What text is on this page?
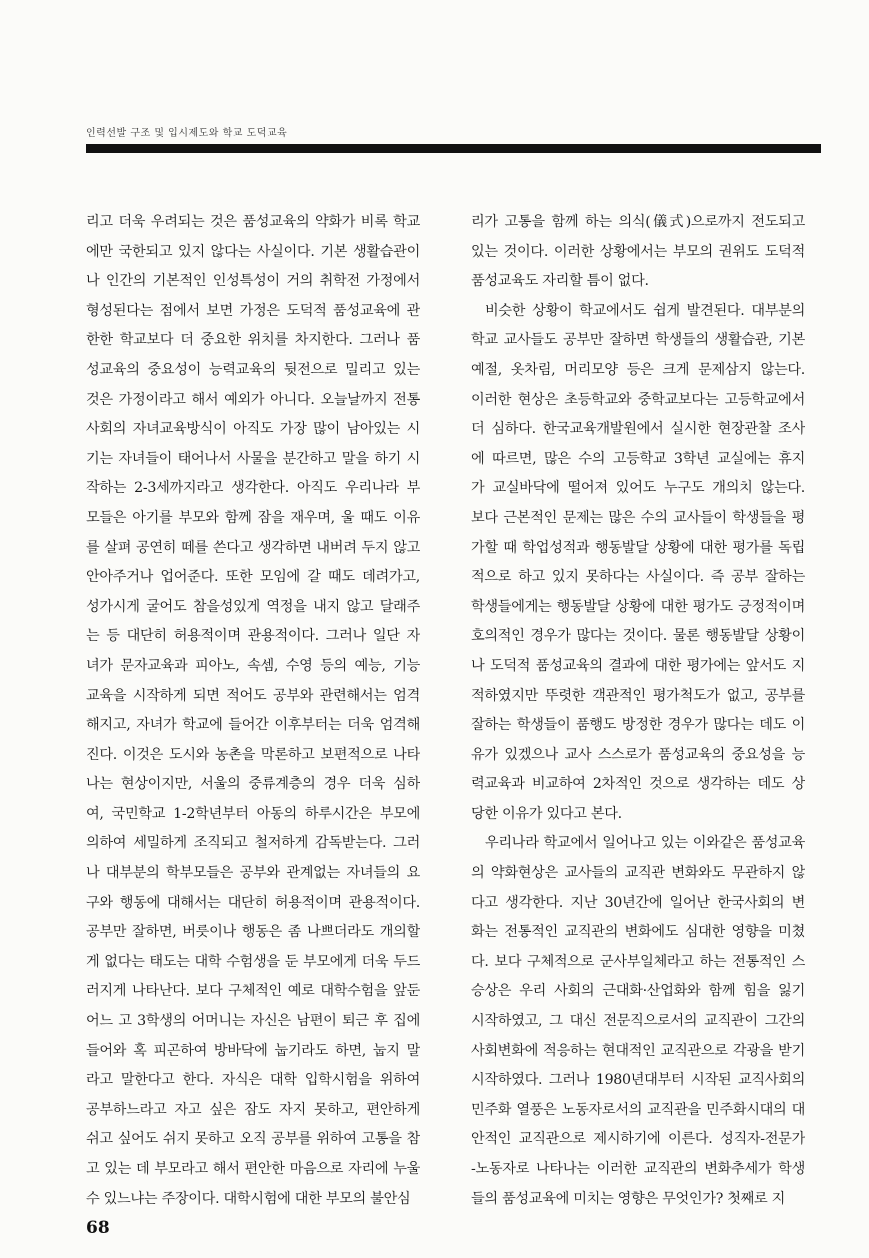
인력선발 구조 및 입시제도와 학교 도덕교육

리고 더욱 우려되는 것은 품성교육의 약화가 비록 학교

에만 국한되고 있지 않다는 사실이다. 기본 생활습관이

나 인간의 기본적인 인성특성이 거의 취학전 가정에서

형성된다는 점에서 보면 가정은 도덕적 품성교육에 관

한한 학교보다 더 중요한 위치를 차지한다. 그러나 품

성교육의 중요성이 능력교육의 뒷전으로 밀리고 있는

것은 가정이라고 해서 예외가 아니다. 오늘날까지 전통

사회의 자녀교육방식이 아직도 가장 많이 남아있는 시

기는 자녀들이 태어나서 사물을 분간하고 말을 하기 시

작하는 2-3세까지라고 생각한다. 아직도 우리나라 부

모들은 아기를 부모와 함께 잠을 재우며, 울 때도 이유

를 살펴 공연히 떼를 쓴다고 생각하면 내버려 두지 않고

안아주거나 업어준다. 또한 모임에 갈 때도 데려가고,

성가시게 굴어도 참을성있게 역정을 내지 않고 달래주

는 등 대단히 허용적이며 관용적이다. 그러나 일단 자

녀가 문자교육과 피아노, 속셈, 수영 등의 예능, 기능

교육을 시작하게 되면 적어도 공부와 관련해서는 엄격

해지고, 자녀가 학교에 들어간 이후부터는 더욱 엄격해

진다. 이것은 도시와 농촌을 막론하고 보편적으로 나타

나는 현상이지만, 서울의 중류계층의 경우 더욱 심하

여, 국민학교 1-2학년부터 아동의 하루시간은 부모에

의하여 세밀하게 조직되고 철저하게 감독받는다. 그러

나 대부분의 학부모들은 공부와 관계없는 자녀들의 요

구와 행동에 대해서는 대단히 허용적이며 관용적이다.

공부만 잘하면, 버릇이나 행동은 좀 나쁘더라도 개의할

게 없다는 태도는 대학 수험생을 둔 부모에게 더욱 두드

러지게 나타난다. 보다 구체적인 예로 대학수험을 앞둔

어느 고 3학생의 어머니는 자신은 남편이 퇴근 후 집에

들어와 혹 피곤하여 방바닥에 눕기라도 하면, 눕지 말

라고 말한다고 한다. 자식은 대학 입학시험을 위하여

공부하느라고 자고 싶은 잠도 자지 못하고, 편안하게

쉬고 싶어도 쉬지 못하고 오직 공부를 위하여 고통을 참

고 있는 데 부모라고 해서 편안한 마음으로 자리에 누울

수 있느냐는 주장이다. 대학시험에 대한 부모의 불안심

리가 고통을 함께 하는 의식(儀式)으로까지 전도되고

있는 것이다. 이러한 상황에서는 부모의 권위도 도덕적

품성교육도 자리할 틈이 없다.

비슷한 상황이 학교에서도 쉽게 발견된다. 대부분의

학교 교사들도 공부만 잘하면 학생들의 생활습관, 기본

예절, 옷차림, 머리모양 등은 크게 문제삼지 않는다.

이러한 현상은 초등학교와 중학교보다는 고등학교에서

더 심하다. 한국교육개발원에서 실시한 현장관찰 조사

에 따르면, 많은 수의 고등학교 3학년 교실에는 휴지

가 교실바닥에 떨어져 있어도 누구도 개의치 않는다.

보다 근본적인 문제는 많은 수의 교사들이 학생들을 평

가할 때 학업성적과 행동발달 상황에 대한 평가를 독립

적으로 하고 있지 못하다는 사실이다. 즉 공부 잘하는

학생들에게는 행동발달 상황에 대한 평가도 긍정적이며

호의적인 경우가 많다는 것이다. 물론 행동발달 상황이

나 도덕적 품성교육의 결과에 대한 평가에는 앞서도 지

적하였지만 뚜렷한 객관적인 평가척도가 없고, 공부를

잘하는 학생들이 품행도 방정한 경우가 많다는 데도 이

유가 있겠으나 교사 스스로가 품성교육의 중요성을 능

력교육과 비교하여 2차적인 것으로 생각하는 데도 상

당한 이유가 있다고 본다.

우리나라 학교에서 일어나고 있는 이와같은 품성교육

의 약화현상은 교사들의 교직관 변화와도 무관하지 않

다고 생각한다. 지난 30년간에 일어난 한국사회의 변

화는 전통적인 교직관의 변화에도 심대한 영향을 미쳤

다. 보다 구체적으로 군사부일체라고 하는 전통적인 스

승상은 우리 사회의 근대화·산업화와 함께 힘을 잃기

시작하였고, 그 대신 전문직으로서의 교직관이 그간의

사회변화에 적응하는 현대적인 교직관으로 각광을 받기

시작하였다. 그러나 1980년대부터 시작된 교직사회의

민주화 열풍은 노동자로서의 교직관을 민주화시대의 대

안적인 교직관으로 제시하기에 이른다. 성직자-전문가

-노동자로 나타나는 이러한 교직관의 변화추세가 학생

들의 품성교육에 미치는 영향은 무엇인가? 첫째로 지

68
